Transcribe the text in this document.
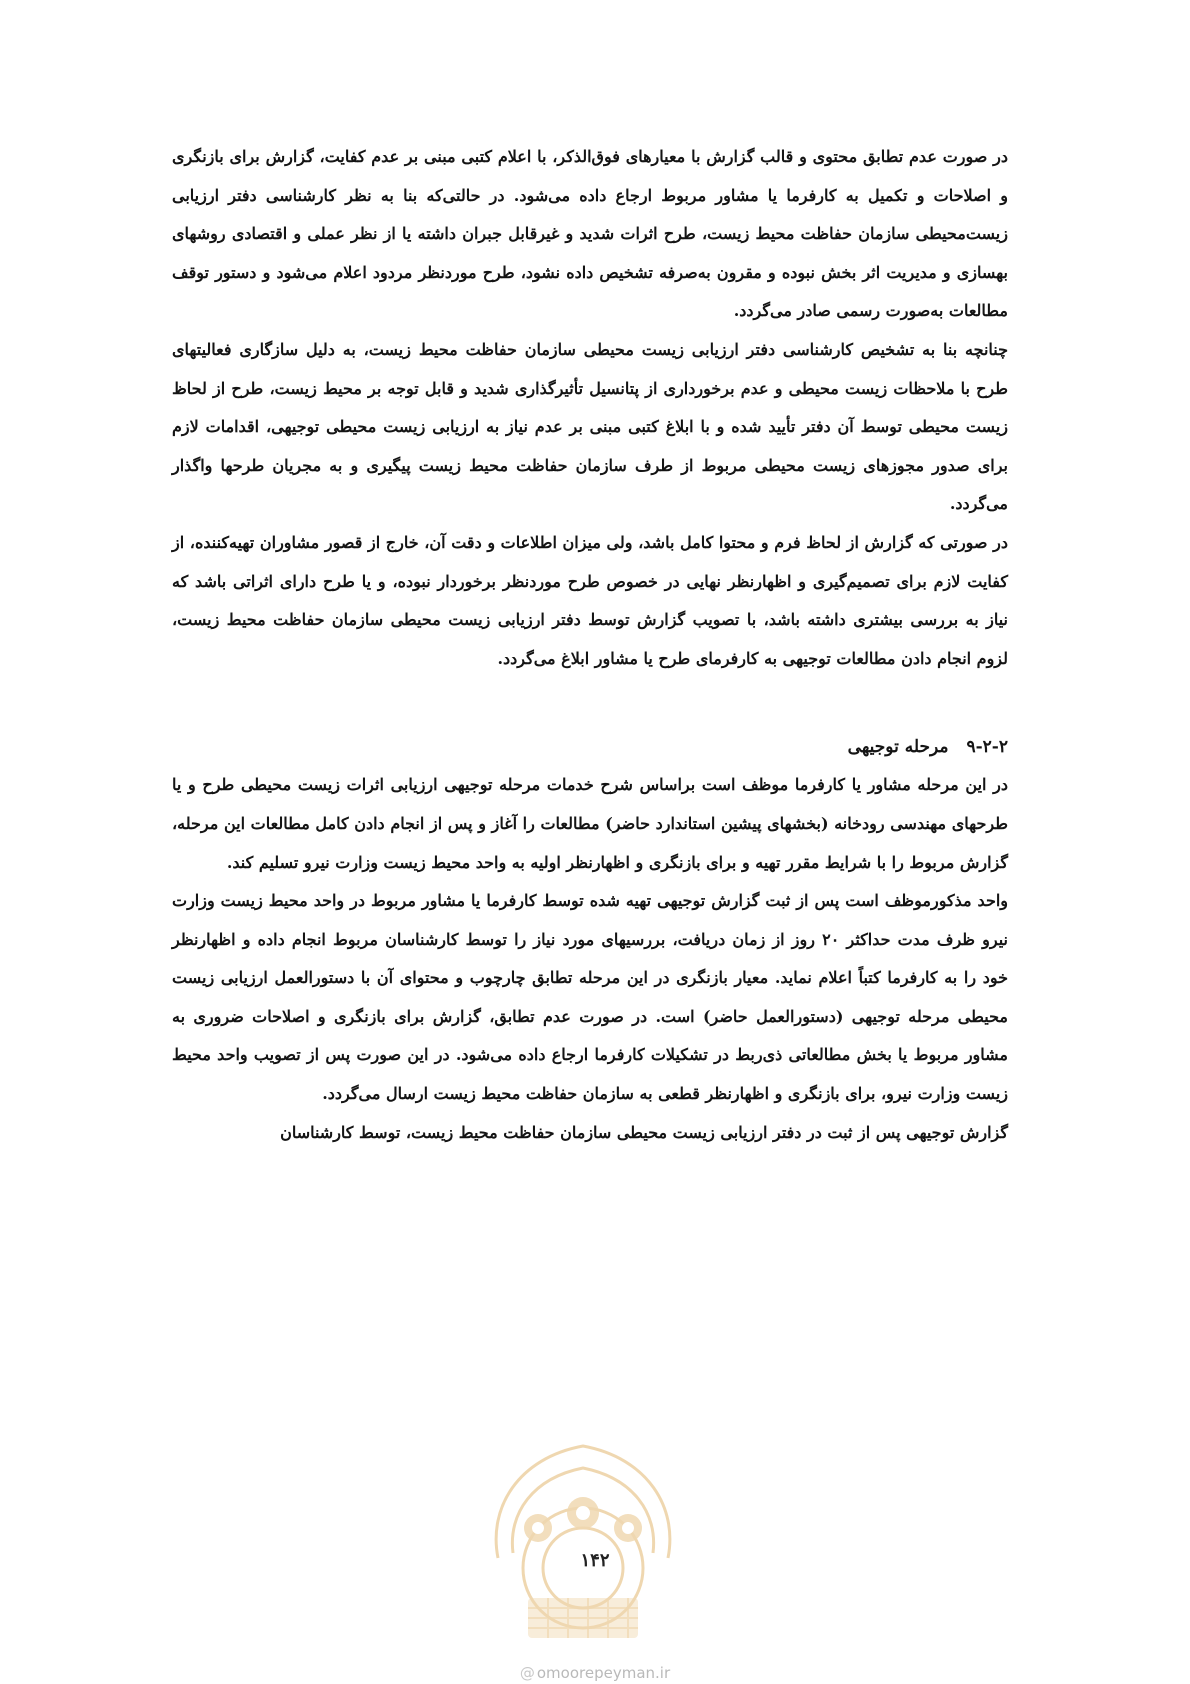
در صورت عدم تطابق محتوی و قالب گزارش با معیارهای فوق‌الذکر، با اعلام کتبی مبنی بر عدم کفایت، گزارش برای بازنگری و اصلاحات و تکمیل به کارفرما یا مشاور مربوط ارجاع داده می‌شود. در حالتی‌که بنا به نظر کارشناسی دفتر ارزیابی زیست‌محیطی سازمان حفاظت محیط زیست، طرح اثرات شدید و غیرقابل جبران داشته یا از نظر عملی و اقتصادی روشهای بهسازی و مدیریت اثر بخش نبوده و مقرون به‌صرفه تشخیص داده نشود، طرح موردنظر مردود اعلام می‌شود و دستور توقف مطالعات به‌صورت رسمی صادر می‌گردد.

چنانچه بنا به تشخیص کارشناسی دفتر ارزیابی زیست محیطی سازمان حفاظت محیط زیست، به دلیل سازگاری فعالیتهای طرح با ملاحظات زیست محیطی و عدم برخورداری از پتانسیل تأثیرگذاری شدید و قابل توجه بر محیط زیست، طرح از لحاظ زیست محیطی توسط آن دفتر تأیید شده و با ابلاغ کتبی مبنی بر عدم نیاز به ارزیابی زیست محیطی توجیهی، اقدامات لازم برای صدور مجوزهای زیست محیطی مربوط از طرف سازمان حفاظت محیط زیست پیگیری و به مجریان طرحها واگذار می‌گردد.

در صورتی که گزارش از لحاظ فرم و محتوا کامل باشد، ولی میزان اطلاعات و دقت آن، خارج از قصور مشاوران تهیه‌کننده، از کفایت لازم برای تصمیم‌گیری و اظهارنظر نهایی در خصوص طرح موردنظر برخوردار نبوده، و یا طرح دارای اثراتی باشد که نیاز به بررسی بیشتری داشته باشد، با تصویب گزارش توسط دفتر ارزیابی زیست محیطی سازمان حفاظت محیط زیست، لزوم انجام دادن مطالعات توجیهی به کارفرمای طرح یا مشاور ابلاغ می‌گردد.

۹-۲-۲مرحله توجیهی

در این مرحله مشاور یا کارفرما موظف است براساس شرح خدمات مرحله توجیهی ارزیابی اثرات زیست محیطی طرح و یا طرحهای مهندسی رودخانه (بخشهای پیشین استاندارد حاضر) مطالعات را آغاز و پس از انجام دادن کامل مطالعات این مرحله، گزارش مربوط را با شرایط مقرر تهیه و برای بازنگری و اظهارنظر اولیه به واحد محیط زیست وزارت نیرو تسلیم کند.

واحد مذکورموظف است پس از ثبت گزارش توجیهی تهیه شده توسط کارفرما یا مشاور مربوط در واحد محیط زیست وزارت نیرو ظرف مدت حداکثر ۲۰ روز از زمان دریافت، بررسیهای مورد نیاز را توسط کارشناسان مربوط انجام داده و اظهارنظر خود را به کارفرما کتباً اعلام نماید. معیار بازنگری در این مرحله تطابق چارچوب و محتوای آن با دستورالعمل ارزیابی زیست محیطی مرحله توجیهی (دستورالعمل حاضر) است. در صورت عدم تطابق، گزارش برای بازنگری و اصلاحات ضروری به مشاور مربوط یا بخش مطالعاتی ذی‌ربط در تشکیلات کارفرما ارجاع داده می‌شود. در این صورت پس از تصویب واحد محیط زیست وزارت نیرو، برای بازنگری و اظهارنظر قطعی به سازمان حفاظت محیط زیست ارسال می‌گردد.

گزارش توجیهی پس از ثبت در دفتر ارزیابی زیست محیطی سازمان حفاظت محیط زیست، توسط کارشناسان

۱۴۲
@ omoorepeyman.ir
